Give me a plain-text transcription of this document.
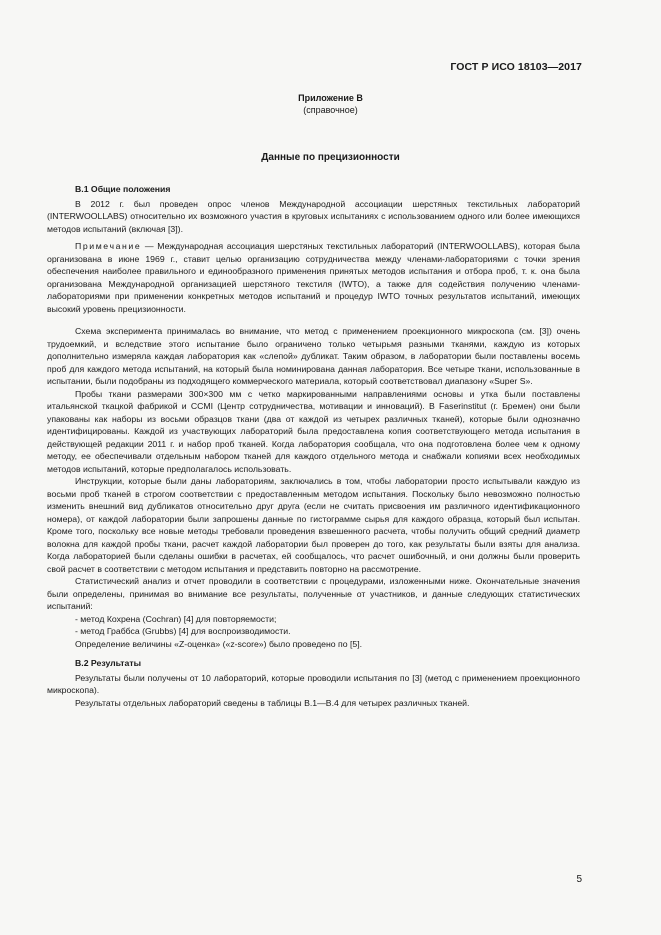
ГОСТ Р ИСО 18103—2017
Приложение В
(справочное)
Данные по прецизионности
В.1 Общие положения

В 2012 г. был проведен опрос членов Международной ассоциации шерстяных текстильных лабораторий (INTERWOOLLABS) относительно их возможного участия в круговых испытаниях с использованием одного или более имеющихся методов испытаний (включая [3]).

Примечание — Международная ассоциация шерстяных текстильных лабораторий (INTERWOOLLABS), которая была организована в июне 1969 г., ставит целью организацию сотрудничества между членами-лабораториями с точки зрения обеспечения наиболее правильного и единообразного применения принятых методов испытания и отбора проб, т. к. она была организована Международной организацией шерстяного текстиля (IWTO), а также для содействия получению членами-лабораториями при применении конкретных методов испытаний и процедур IWTO точных результатов испытаний, имеющих высокий уровень прецизионности.

Схема эксперимента принималась во внимание, что метод с применением проекционного микроскопа (см. [3]) очень трудоемкий, и вследствие этого испытание было ограничено только четырьмя разными тканями, каждую из которых дополнительно измеряла каждая лаборатория как «слепой» дубликат. Таким образом, в лаборатории были поставлены восемь проб для каждого метода испытаний, на который была номинирована данная лаборатория. Все четыре ткани, использованные в испытании, были подобраны из подходящего коммерческого материала, который соответствовал диапазону «Super S».

Пробы ткани размерами 300×300 мм с четко маркированными направлениями основы и утка были поставлены итальянской ткацкой фабрикой и CCMI (Центр сотрудничества, мотивации и инноваций). В Faserinstitut (г. Бремен) они были упакованы как наборы из восьми образцов ткани (два от каждой из четырех различных тканей), которые были однозначно идентифицированы. Каждой из участвующих лабораторий была предоставлена копия соответствующего метода испытания в действующей редакции 2011 г. и набор проб тканей. Когда лаборатория сообщала, что она подготовлена более чем к одному методу, ее обеспечивали отдельным набором тканей для каждого отдельного метода и снабжали копиями всех необходимых методов испытаний, которые предполагалось использовать.

Инструкции, которые были даны лабораториям, заключались в том, чтобы лаборатории просто испытывали каждую из восьми проб тканей в строгом соответствии с предоставленным методом испытания. Поскольку было невозможно полностью изменить внешний вид дубликатов относительно друг друга (если не считать присвоения им различного идентификационного номера), от каждой лаборатории были запрошены данные по гистограмме сырья для каждого образца, который был испытан. Кроме того, поскольку все новые методы требовали проведения взвешенного расчета, чтобы получить общий средний диаметр волокна для каждой пробы ткани, расчет каждой лаборатории был проверен до того, как результаты были взяты для анализа. Когда лабораторией были сделаны ошибки в расчетах, ей сообщалось, что расчет ошибочный, и они должны были проверить свой расчет в соответствии с методом испытания и представить повторно на рассмотрение.

Статистический анализ и отчет проводили в соответствии с процедурами, изложенными ниже. Окончательные значения были определены, принимая во внимание все результаты, полученные от участников, и данные следующих статистических испытаний:

- метод Кохрена (Cochran) [4] для повторяемости;

- метод Граббса (Grubbs) [4] для воспроизводимости.

Определение величины «Z-оценка» («z-score») было проведено по [5].

В.2 Результаты

Результаты были получены от 10 лабораторий, которые проводили испытания по [3] (метод с применением проекционного микроскопа).

Результаты отдельных лабораторий сведены в таблицы В.1—В.4 для четырех различных тканей.

5
